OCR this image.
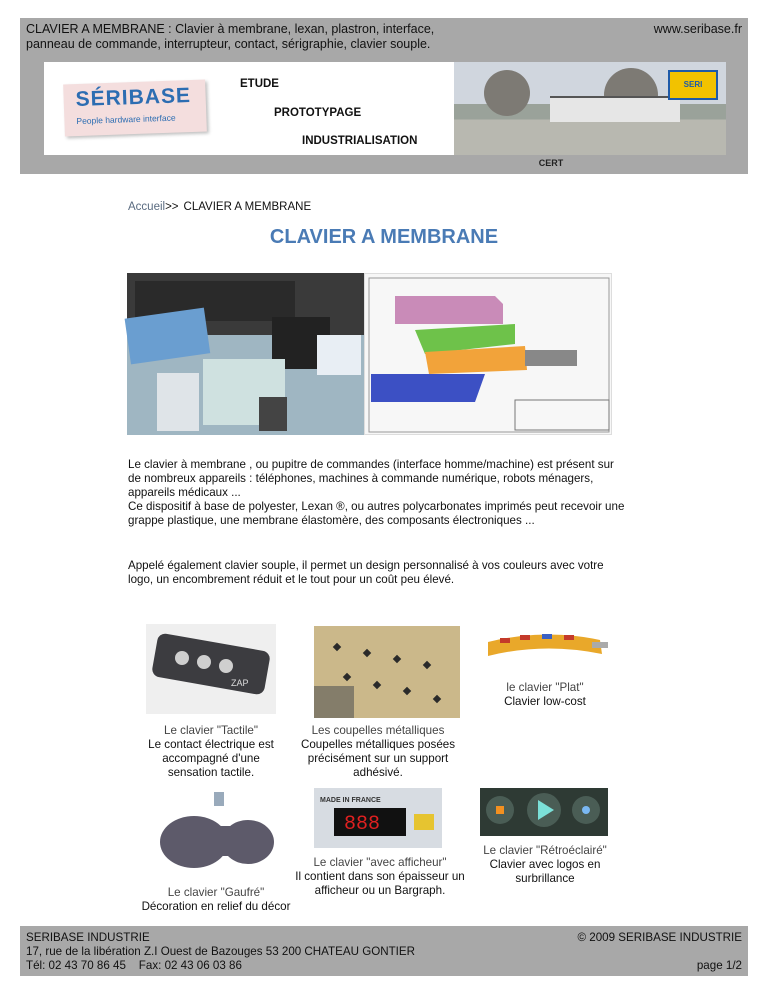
CLAVIER A MEMBRANE : Clavier à membrane, lexan, plastron, interface, panneau de commande, interrupteur, contact, sérigraphie, clavier souple.
www.seribase.fr
SÉRIBASE
People hardware interface
ETUDE
PROTOTYPAGE
INDUSTRIALISATION
CERT
SERI
Accueil>> CLAVIER A MEMBRANE
CLAVIER A MEMBRANE
Le clavier à membrane , ou pupitre de commandes (interface homme/machine) est présent sur de nombreux appareils : téléphones, machines à commande numérique, robots ménagers, appareils médicaux ...
Ce dispositif à base de polyester, Lexan ®, ou autres polycarbonates imprimés peut recevoir une grappe plastique, une membrane élastomère, des composants électroniques ...
Appelé également clavier souple, il permet un design personnalisé à vos couleurs avec votre logo, un encombrement réduit et le tout pour un coût peu élevé.
ZAP
MADE IN FRANCE
888
Le clavier "Tactile"
Le contact électrique est accompagné d'une sensation tactile.
Les coupelles métalliques
Coupelles métalliques posées précisément sur un support adhésivé.
le clavier "Plat"
Clavier low-cost
Le clavier "Gaufré"
Décoration en relief du décor
Le clavier "avec afficheur"
Il contient dans son épaisseur un afficheur ou un Bargraph.
Le clavier "Rétroéclairé"
Clavier avec logos en surbrillance
SERIBASE INDUSTRIE
17, rue de la libération Z.I Ouest de Bazouges 53 200 CHATEAU GONTIER
Tél: 02 43 70 86 45    Fax: 02 43 06 03 86
© 2009 SERIBASE INDUSTRIE
page 1/2
